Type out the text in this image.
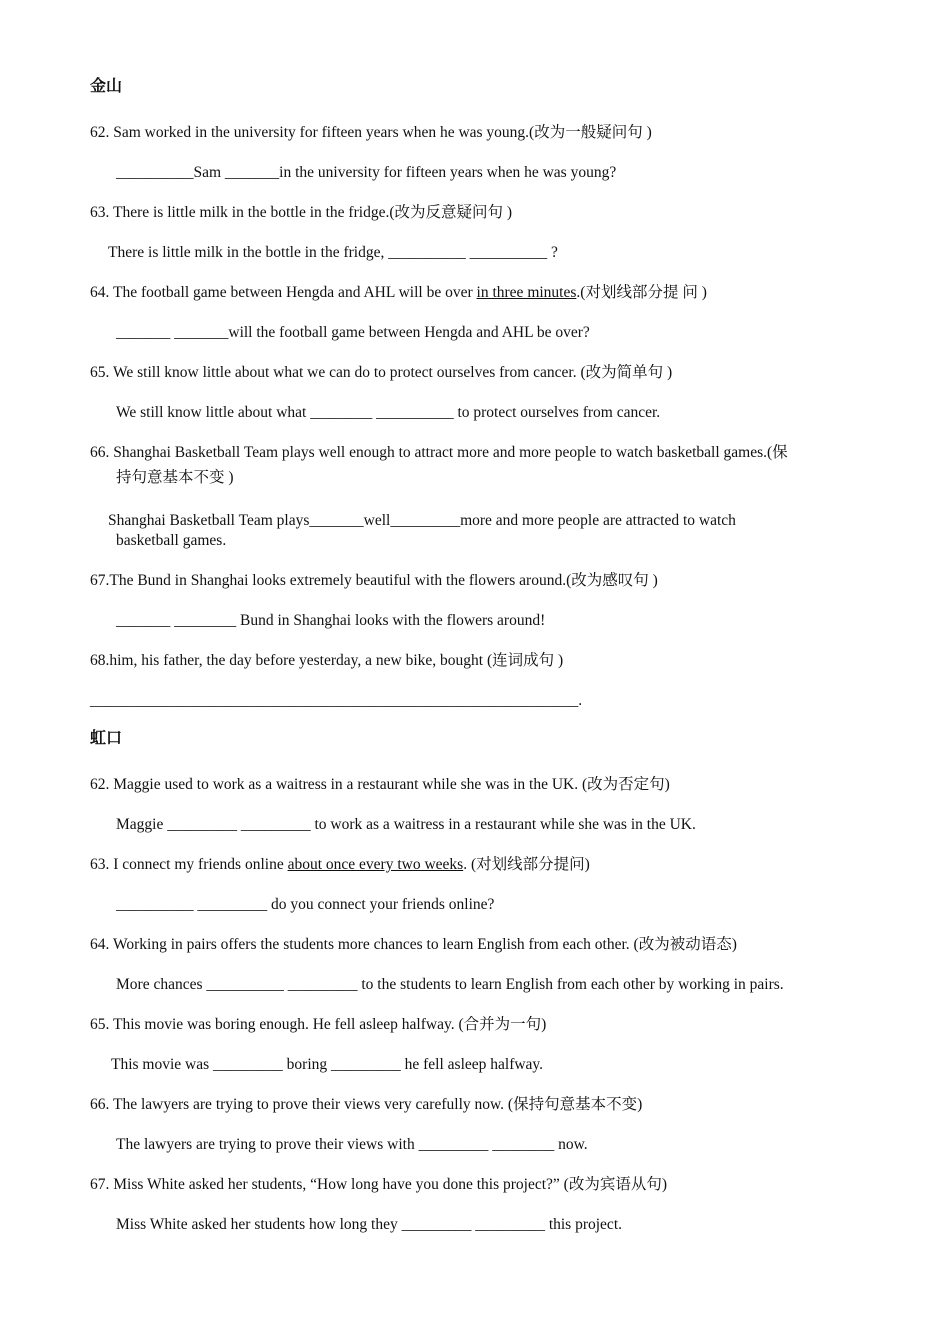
金山
62. Sam worked in the university for fifteen years when he was young.(改为一般疑问句 )
__________Sam _______in the university for fifteen years when he was young?
63. There is little milk in the bottle in the fridge.(改为反意疑问句 )
There is little milk in the bottle in the fridge, __________ __________ ?
64. The football game between Hengda and AHL will be over in three minutes.(对划线部分提 问 )
_______ _______will the football game between Hengda and AHL be over?
65. We still know little about what we can do to protect ourselves from cancer. (改为简单句 )
We still know little about what ________ __________ to protect ourselves from cancer.
66. Shanghai Basketball Team plays well enough to attract more and more people to watch basketball games.(保
持句意基本不变 )
Shanghai Basketball Team plays_______well_________more and more people are attracted to watch
basketball games.
67.The Bund in Shanghai looks extremely beautiful with the flowers around.(改为感叹句 )
_______ ________ Bund in Shanghai looks with the flowers around!
68.him, his father, the day before yesterday, a new bike, bought (连词成句 )
_______________________________________________________________.
虹口
62. Maggie used to work as a waitress in a restaurant while she was in the UK. (改为否定句)
Maggie _________ _________ to work as a waitress in a restaurant while she was in the UK.
63. I connect my friends online about once every two weeks. (对划线部分提问)
__________ _________ do you connect your friends online?
64. Working in pairs offers the students more chances to learn English from each other. (改为被动语态)
More chances __________ _________ to the students to learn English from each other by working in pairs.
65. This movie was boring enough. He fell asleep halfway. (合并为一句)
This movie was _________ boring _________ he fell asleep halfway.
66. The lawyers are trying to prove their views very carefully now. (保持句意基本不变)
The lawyers are trying to prove their views with _________ ________ now.
67. Miss White asked her students, “How long have you done this project?” (改为宾语从句)
Miss White asked her students how long they _________ _________ this project.
